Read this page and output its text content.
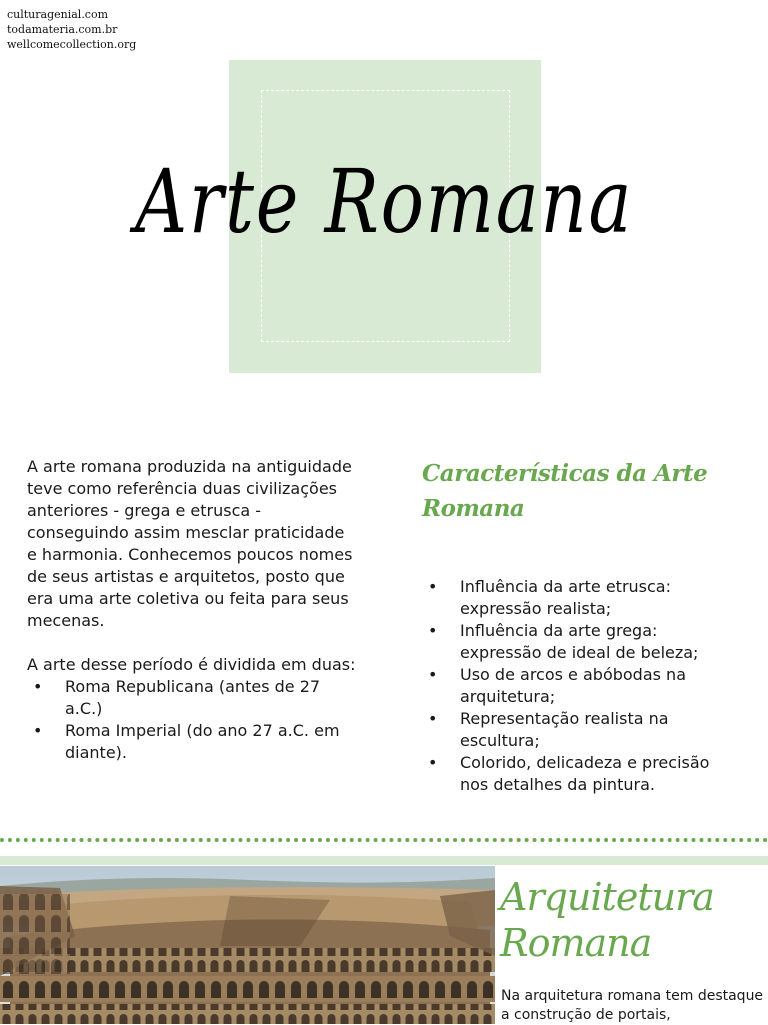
culturagenial.com
todamateria.com.br
wellcomecollection.org
Arte Romana

A arte romana produzida na antiguidade teve como referência duas civilizações anteriores - grega e etrusca - conseguindo assim mesclar praticidade e harmonia. Conhecemos poucos nomes de seus artistas e arquitetos, posto que era uma arte coletiva ou feita para seus mecenas.

A arte desse período é dividida em duas:

• Roma Republicana (antes de 27 a.C.)
• Roma Imperial (do ano 27 a.C. em diante).
Características da Arte Romana
• Influência da arte etrusca: expressão realista;
• Influência da arte grega: expressão de ideal de beleza;
• Uso de arcos e abóbodas na arquitetura;
• Representação realista na escultura;
• Colorido, delicadeza e precisão nos detalhes da pintura.
Arquitetura Romana

Na arquitetura romana tem destaque a construção de portais,
